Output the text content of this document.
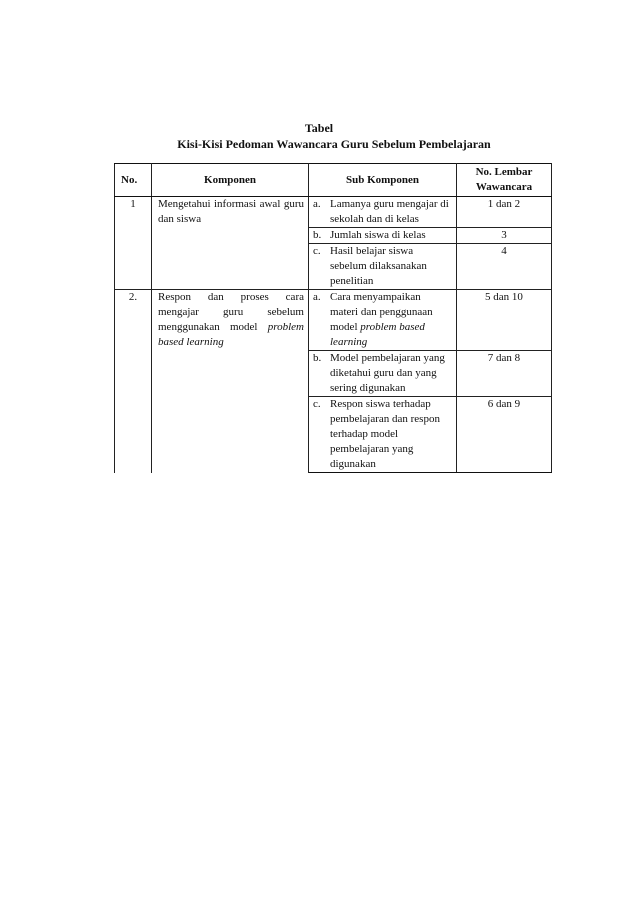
Tabel
Kisi-Kisi Pedoman Wawancara Guru Sebelum Pembelajaran
No.	Komponen	Sub Komponen	No. Lembar Wawancara
1	Mengetahui informasi awal guru dan siswa	a. Lamanya guru mengajar di sekolah dan di kelas	1 dan 2

		b. Jumlah siswa di kelas	3

		c. Hasil belajar siswa sebelum dilaksanakan penelitian	4
2.	Respon dan proses cara mengajar guru sebelum menggunakan model problem based learning	a. Cara menyampaikan materi dan penggunaan model problem based learning	5 dan 10

		b. Model pembelajaran yang diketahui guru dan yang sering digunakan	7 dan 8

		c. Respon siswa terhadap pembelajaran dan respon terhadap model pembelajaran yang digunakan	6 dan 9
